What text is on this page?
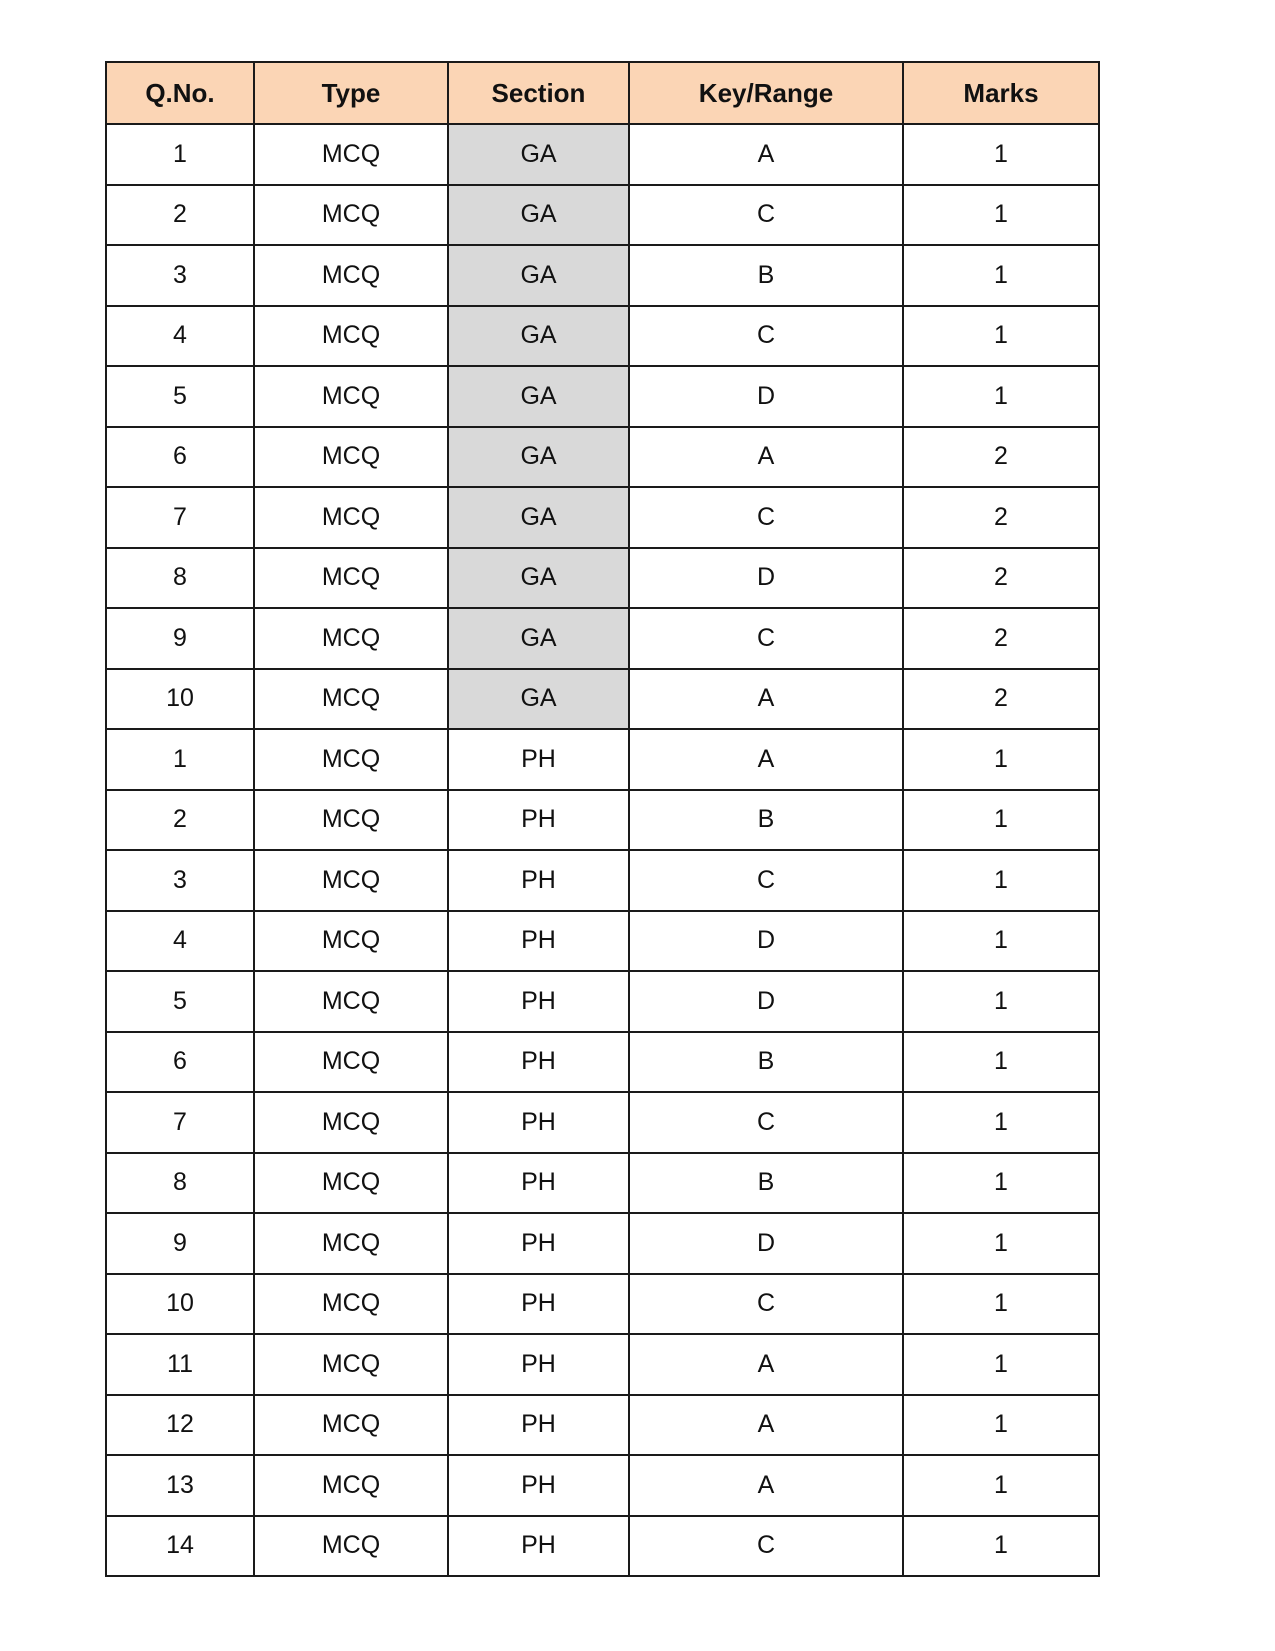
Q.No.	Type	Section	Key/Range	Marks
1	MCQ	GA	A	1
2	MCQ	GA	C	1
3	MCQ	GA	B	1
4	MCQ	GA	C	1
5	MCQ	GA	D	1
6	MCQ	GA	A	2
7	MCQ	GA	C	2
8	MCQ	GA	D	2
9	MCQ	GA	C	2
10	MCQ	GA	A	2
1	MCQ	PH	A	1
2	MCQ	PH	B	1
3	MCQ	PH	C	1
4	MCQ	PH	D	1
5	MCQ	PH	D	1
6	MCQ	PH	B	1
7	MCQ	PH	C	1
8	MCQ	PH	B	1
9	MCQ	PH	D	1
10	MCQ	PH	C	1
11	MCQ	PH	A	1
12	MCQ	PH	A	1
13	MCQ	PH	A	1
14	MCQ	PH	C	1
